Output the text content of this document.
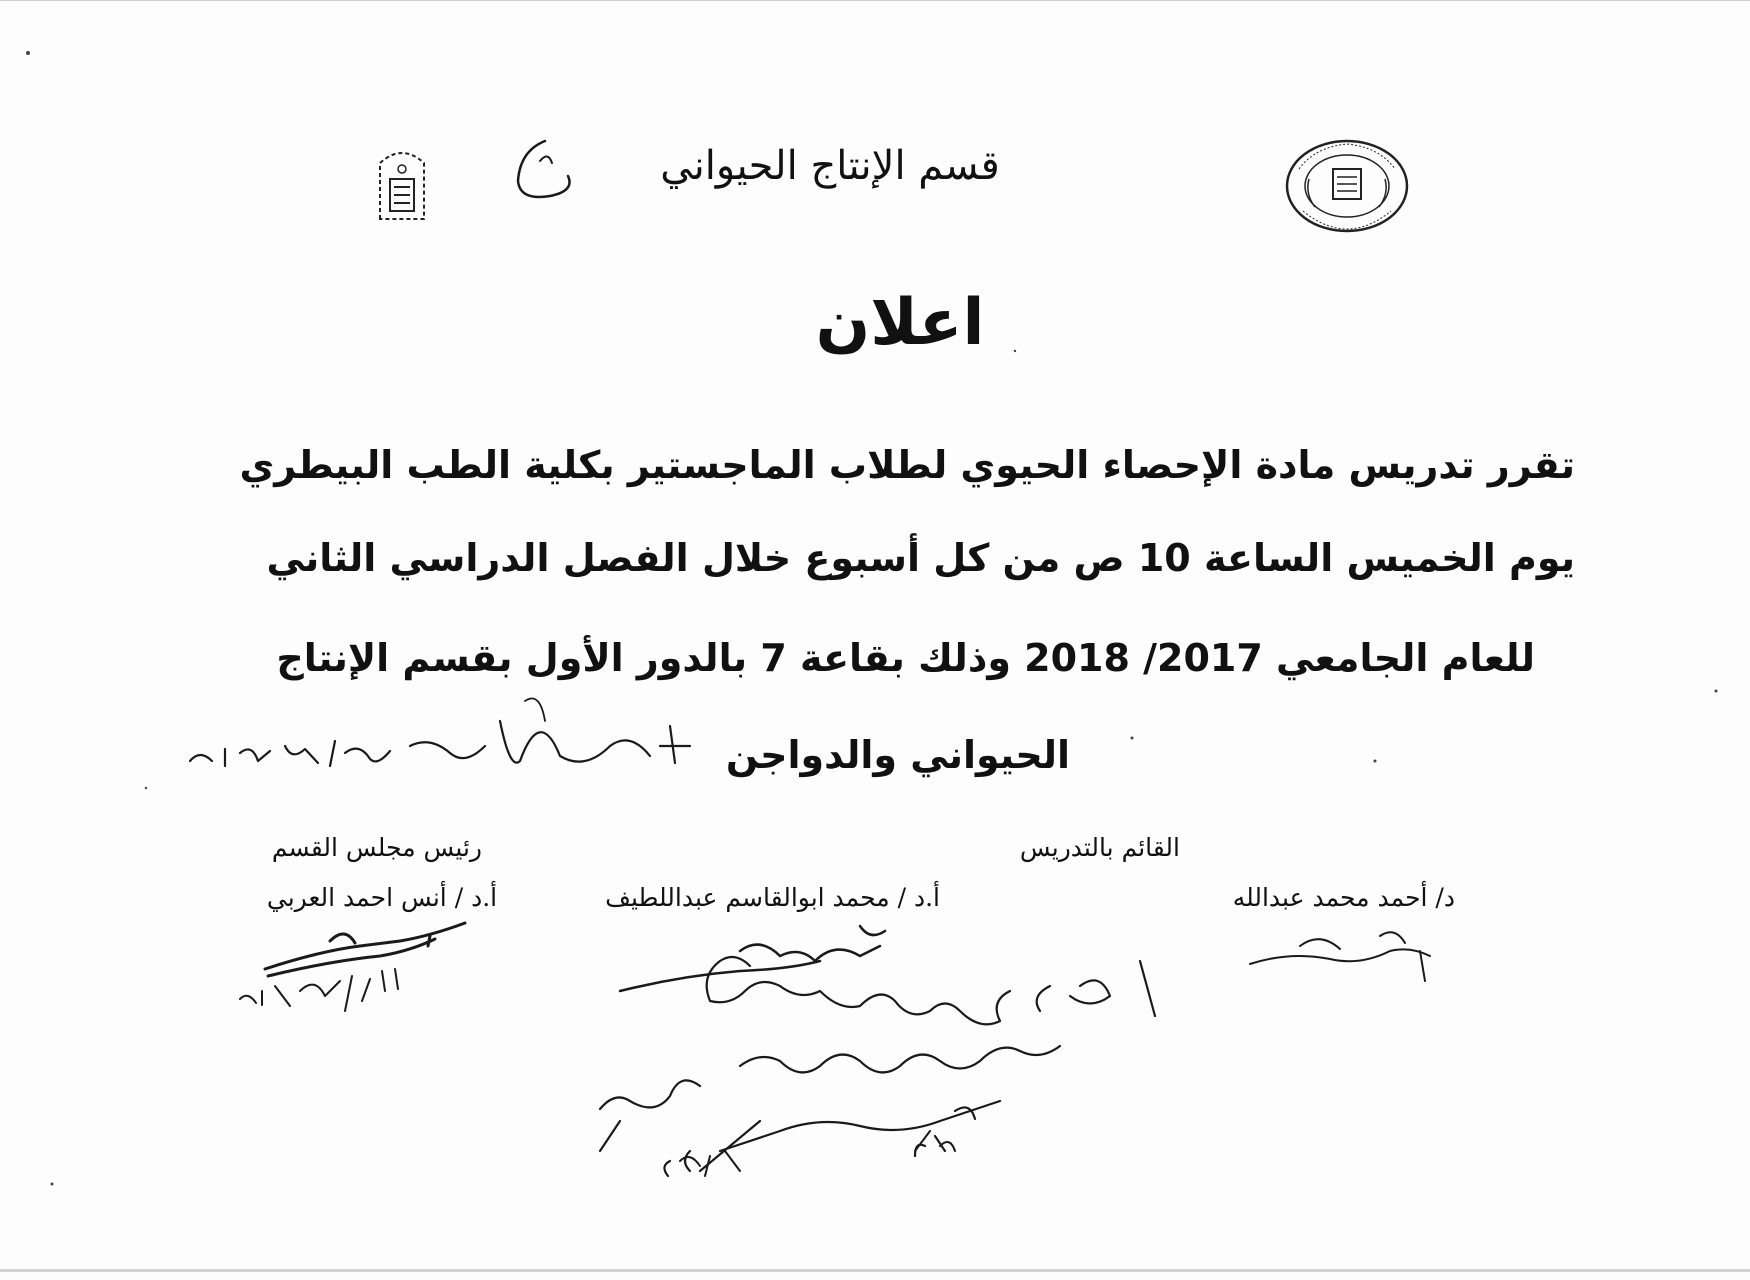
قسم الإنتاج الحيواني
اعلان
تقرر تدريس مادة الإحصاء الحيوي لطلاب الماجستير بكلية الطب البيطري
يوم الخميس الساعة 10 ص من كل أسبوع خلال الفصل الدراسي الثاني
للعام الجامعي 2017/ 2018 وذلك بقاعة 7 بالدور الأول بقسم الإنتاج
الحيواني والدواجن
رئيس مجلس القسم	القائم بالتدريس
أ.د / أنس احمد العربي	أ.د / محمد ابوالقاسم عبداللطيف	د/ أحمد محمد عبدالله
